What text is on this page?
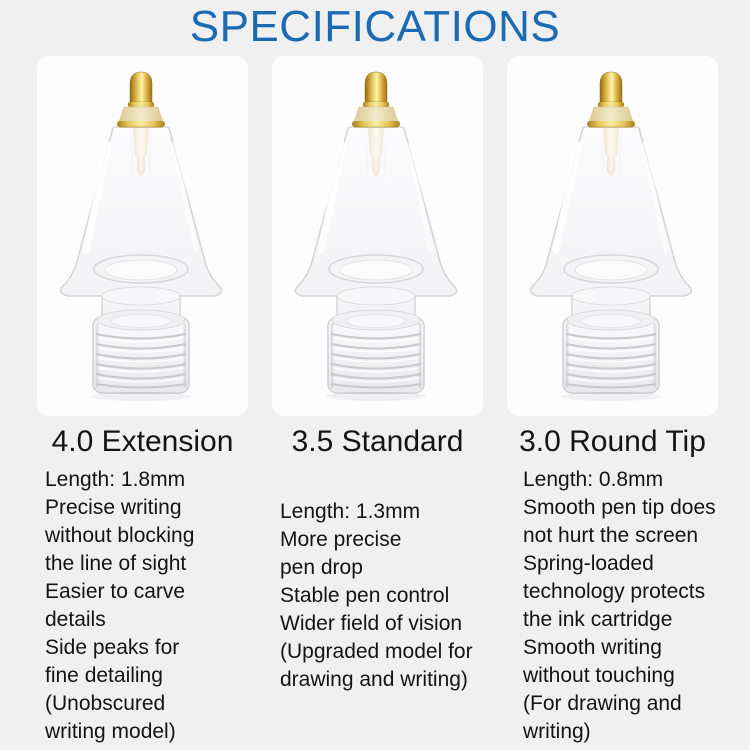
SPECIFICATIONS
4.0 Extension
Length: 1.8mm
Precise writing
without blocking
the line of sight
Easier to carve
details
Side peaks for
fine detailing
(Unobscured
writing model)
3.5 Standard
Length: 1.3mm
More precise
pen drop
Stable pen control
Wider field of vision
(Upgraded model for
drawing and writing)
3.0 Round Tip
Length: 0.8mm
Smooth pen tip does
not hurt the screen
Spring-loaded
technology protects
the ink cartridge
Smooth writing
without touching
(For drawing and
writing)
